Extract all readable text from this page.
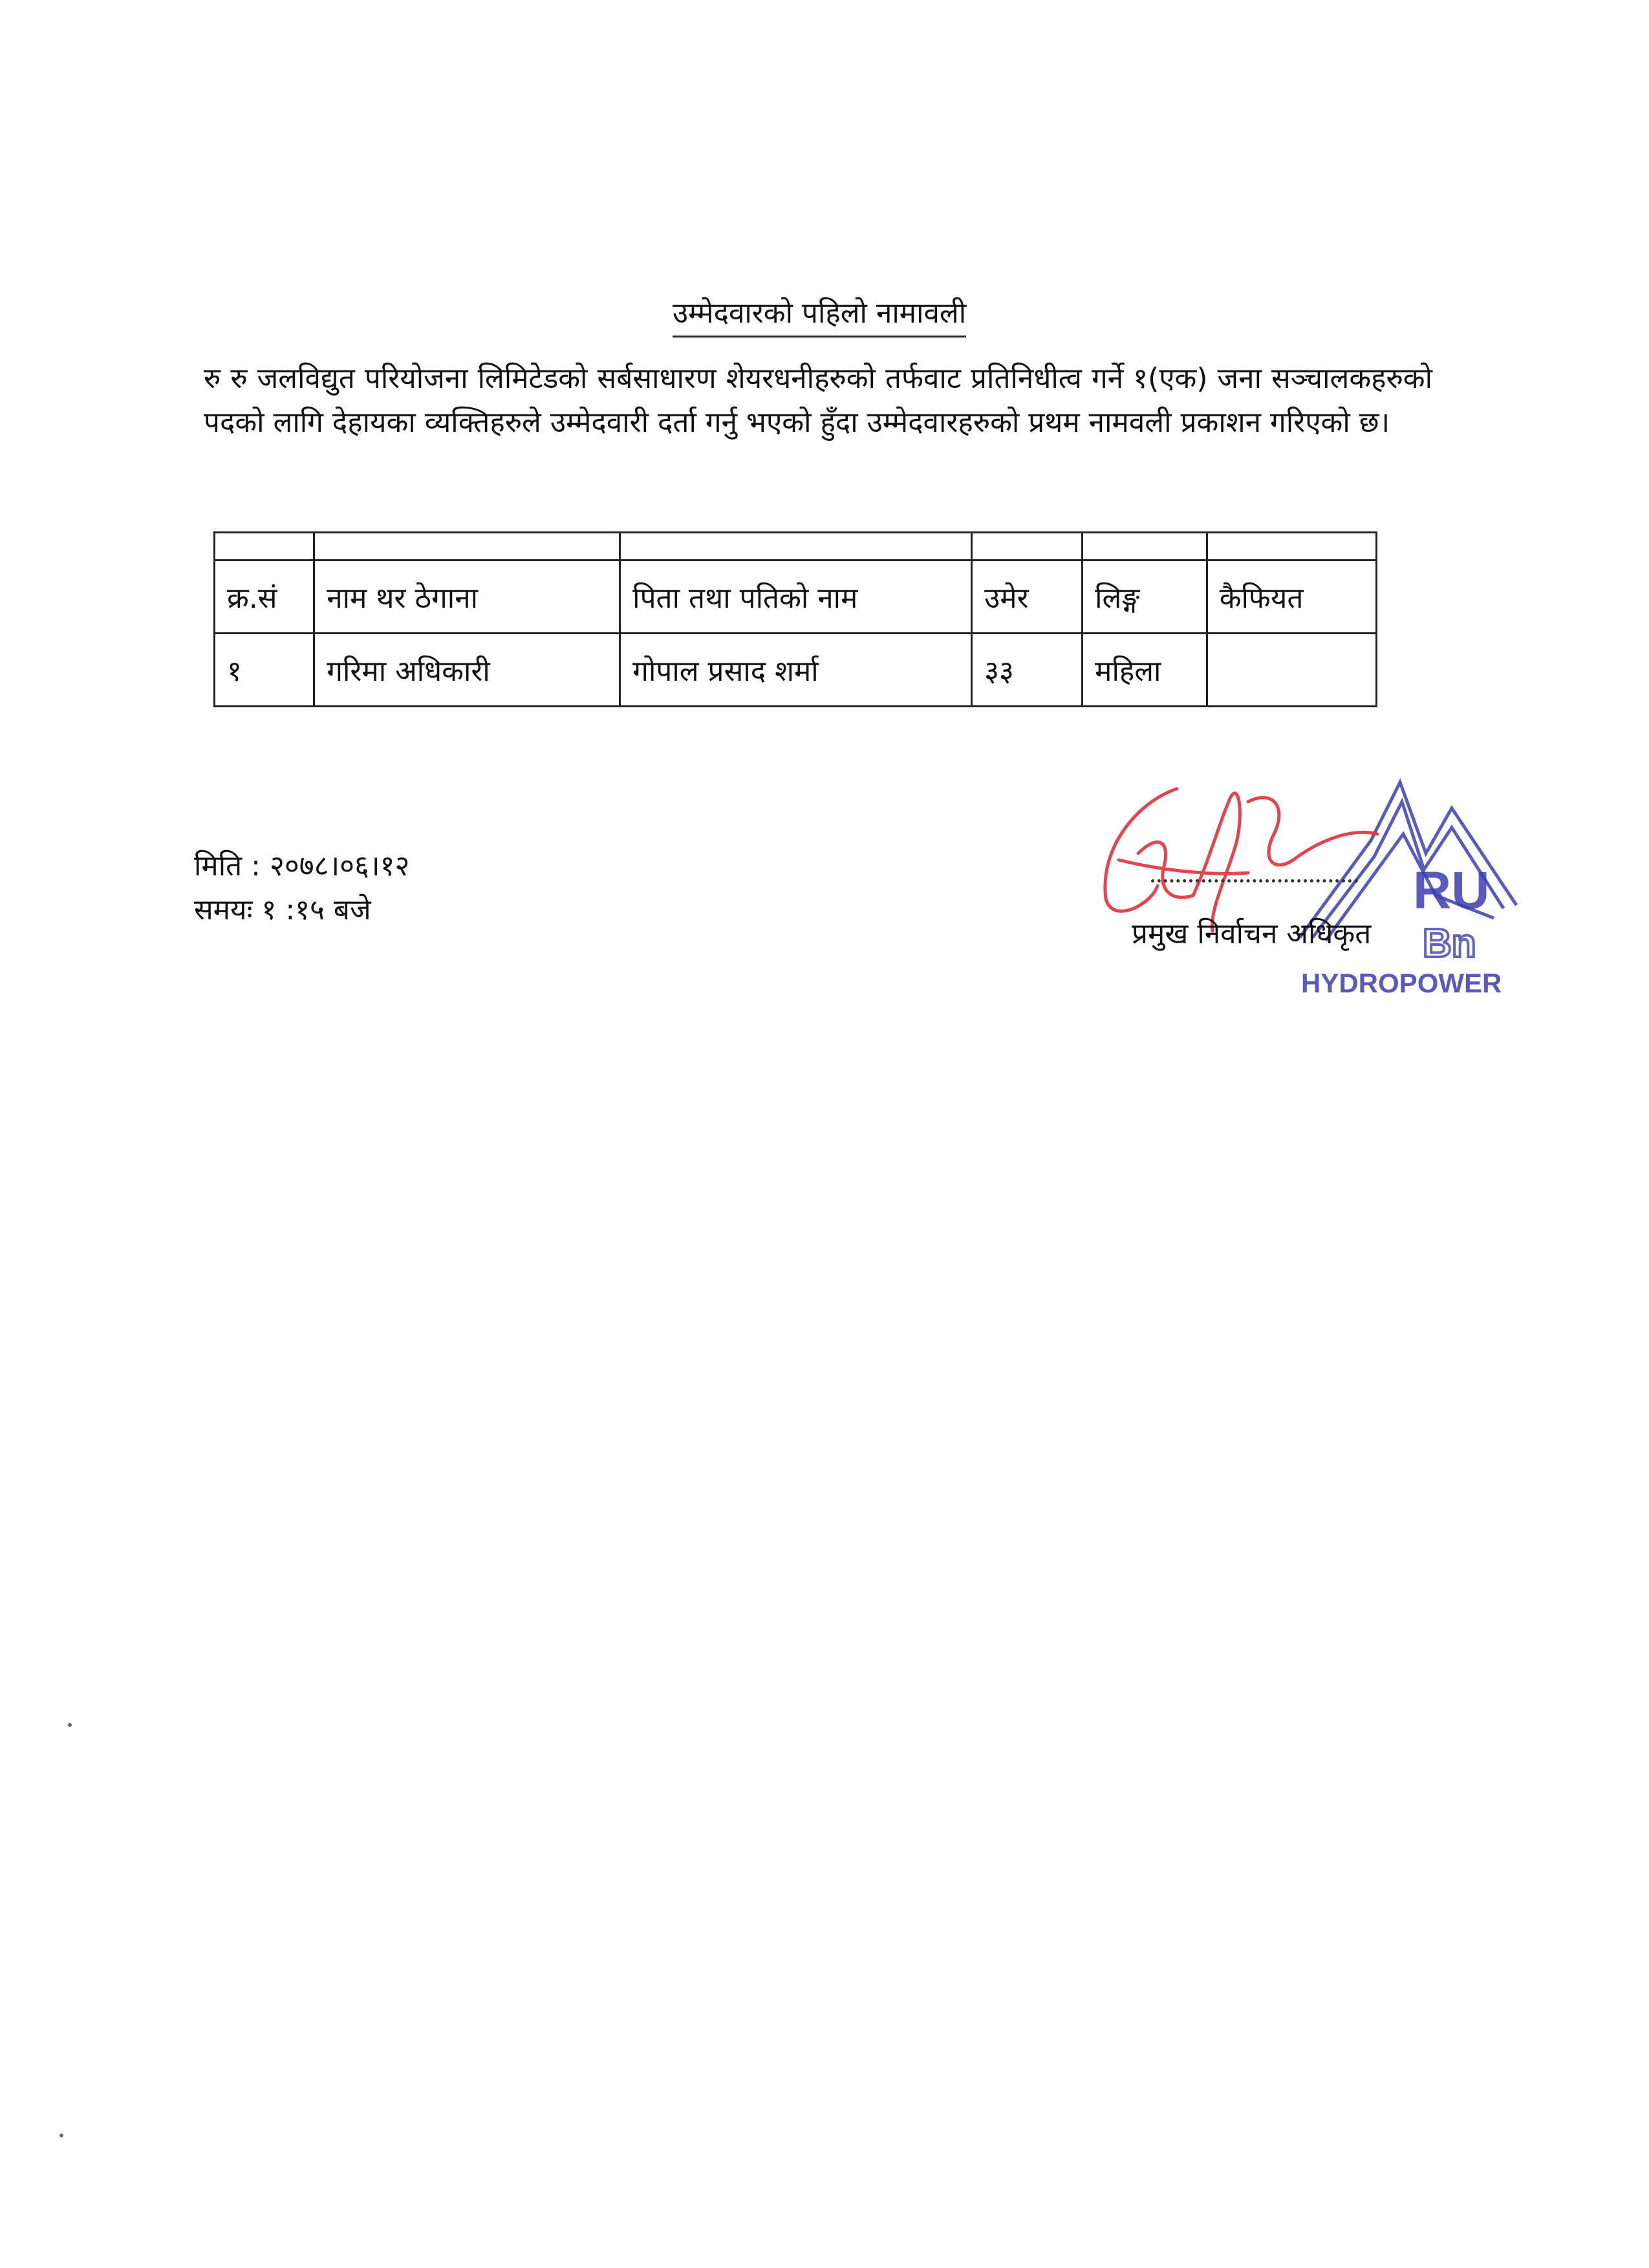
उम्मेदवारको पहिलो नामावली
रु रु जलविद्युत परियोजना लिमिटेडको सर्बसाधारण शेयरधनीहरुको तर्फवाट प्रतिनिधीत्व गर्ने १(एक) जना सञ्चालकहरुको पदको लागि देहायका व्यक्तिहरुले उम्मेदवारी दर्ता गर्नु भएको हुँदा उम्मेदवारहरुको प्रथम नामवली प्रकाशन गरिएको छ।

क्र.सं	नाम थर ठेगाना	पिता तथा पतिको नाम	उमेर	लिङ्ग	कैफियत
१	गरिमा अधिकारी	गोपाल प्रसाद शर्मा	३३	महिला	
मिति : २०७८।०६।१२
समयः १ :१५ बजे	RU
Bn
HYDROPOWER
प्रमुख निर्वाचन अधिकृत
